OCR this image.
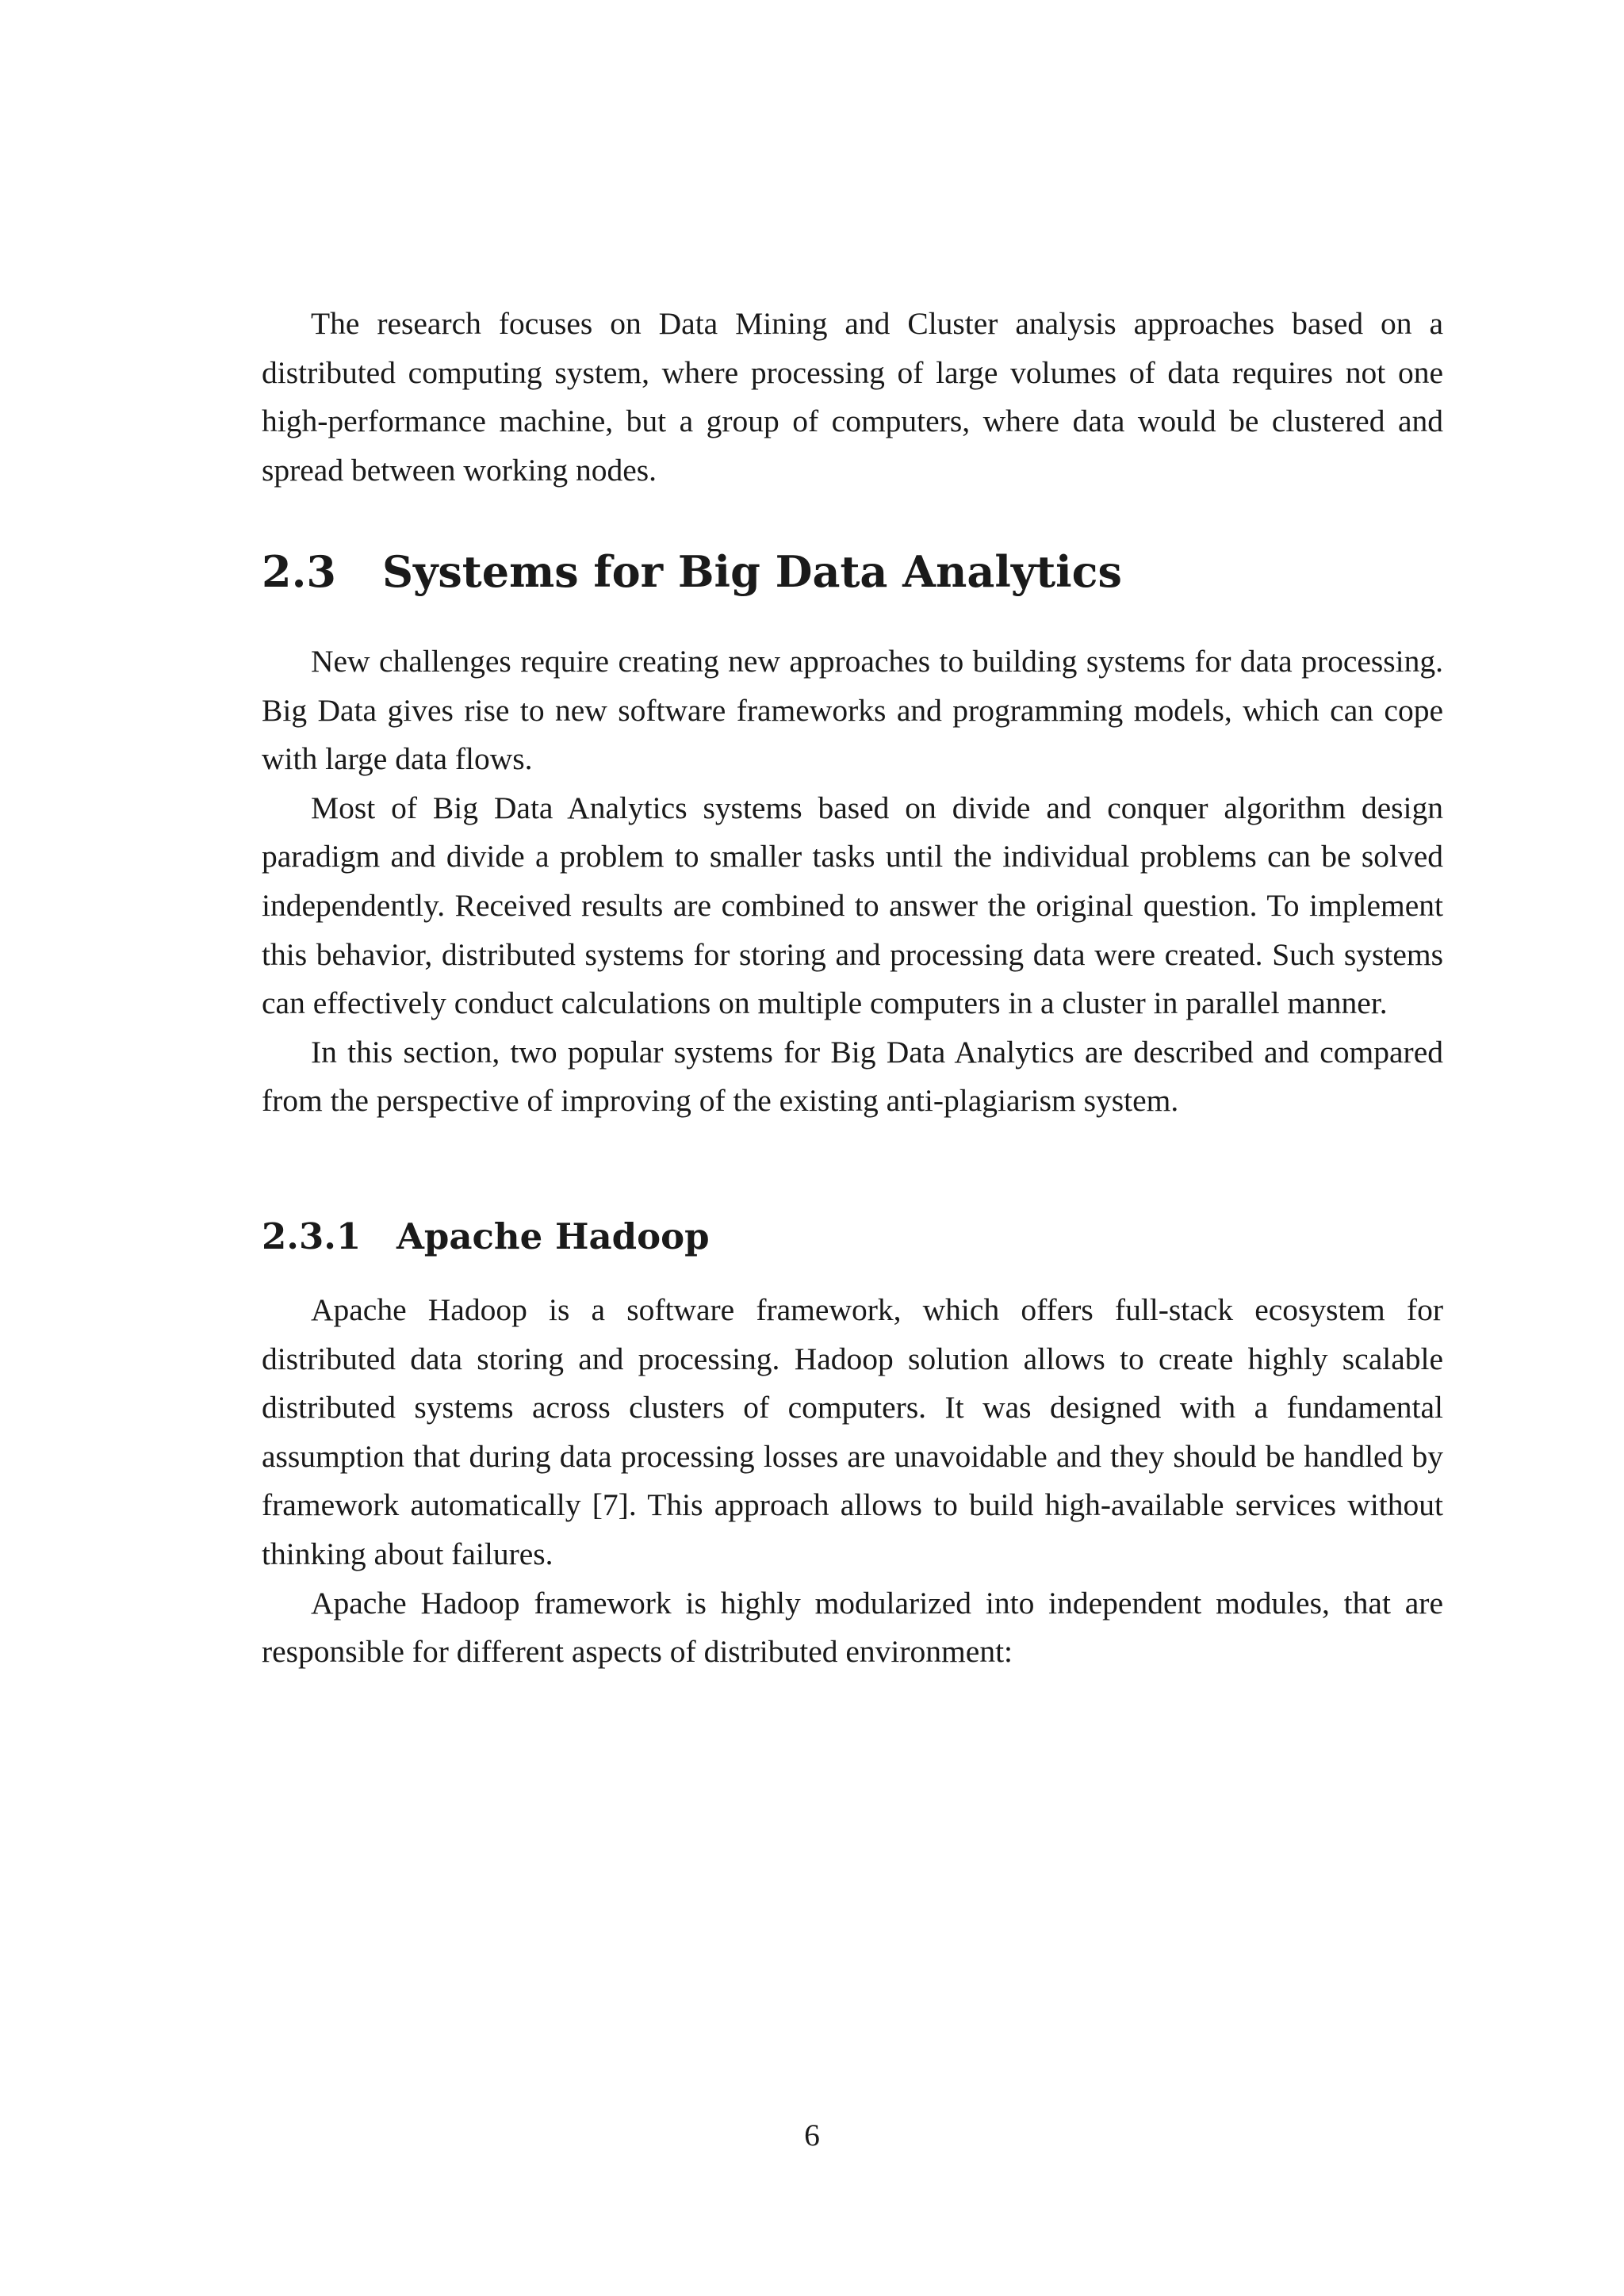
The research focuses on Data Mining and Cluster analysis approaches based on a distributed computing system, where processing of large volumes of data requires not one high-performance machine, but a group of computers, where data would be clustered and spread between working nodes.

2.3 Systems for Big Data Analytics

New challenges require creating new approaches to building systems for data processing. Big Data gives rise to new software frameworks and programming models, which can cope with large data flows.

Most of Big Data Analytics systems based on divide and conquer algorithm design paradigm and divide a problem to smaller tasks until the individual problems can be solved independently. Received results are combined to answer the original question. To implement this behavior, distributed systems for storing and processing data were created. Such systems can effectively conduct calculations on multiple computers in a cluster in parallel manner.

In this section, two popular systems for Big Data Analytics are described and compared from the perspective of improving of the existing anti-plagiarism system.

2.3.1 Apache Hadoop

Apache Hadoop is a software framework, which offers full-stack ecosystem for distributed data storing and processing. Hadoop solution allows to create highly scalable distributed systems across clusters of computers. It was designed with a fundamental assumption that during data processing losses are unavoidable and they should be handled by framework automatically [7]. This approach allows to build high-available services without thinking about failures.

Apache Hadoop framework is highly modularized into independent modules, that are responsible for different aspects of distributed environment:

6
